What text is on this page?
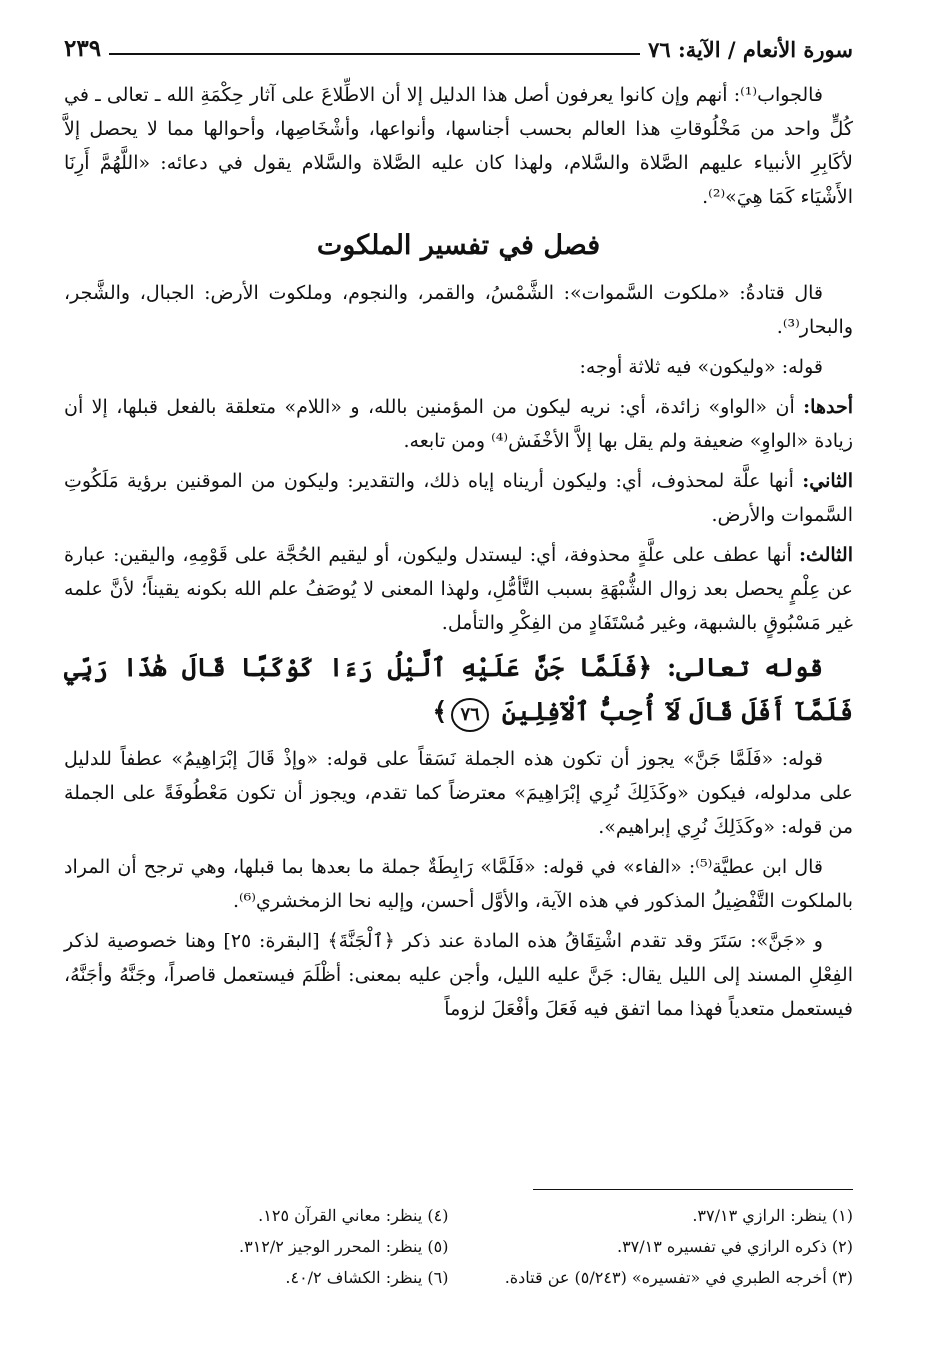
سورة الأنعام / الآية: ٧٦
٢٣٩

فالجواب⁽¹⁾: أنهم وإن كانوا يعرفون أصل هذا الدليل إلا أن الاطِّلاعَ على آثار حِكْمَةِ الله ـ تعالى ـ في كُلٍّ واحد من مَخْلُوقاتِ هذا العالم بحسب أجناسها، وأنواعها، وأشْخَاصِها، وأحوالها مما لا يحصل إلاَّ لأكَابِرِ الأنبياء عليهم الصَّلاة والسَّلام، ولهذا كان عليه الصَّلاة والسَّلام يقول في دعائه: «اللَّهُمَّ أَرِنَا الأَشْيَاء كَمَا هِيَ»⁽²⁾.

فصل في تفسير الملكوت

قال قتادةُ: «ملكوت السَّموات»: الشَّمْسُ، والقمر، والنجوم، وملكوت الأرض: الجبال، والشَّجر، والبحار⁽³⁾.

قوله: «وليكون» فيه ثلاثة أوجه:

أحدها: أن «الواو» زائدة، أي: نريه ليكون من المؤمنين بالله، و «اللام» متعلقة بالفعل قبلها، إلا أن زيادة «الواوِ» ضعيفة ولم يقل بها إلاَّ الأخْفَش⁽⁴⁾ ومن تابعه.

الثاني: أنها علَّة لمحذوف، أي: وليكون أريناه إياه ذلك، والتقدير: وليكون من الموقنين برؤية مَلَكُوتِ السَّموات والأرض.

الثالث: أنها عطف على علَّةٍ محذوفة، أي: ليستدل وليكون، أو ليقيم الحُجَّة على قَوْمِهِ، واليقين: عبارة عن عِلْمٍ يحصل بعد زوال الشُّبْهَةِ بسبب التَّأمُّلِ، ولهذا المعنى لا يُوصَفُ علم الله بكونه يقيناً؛ لأنَّ علمه غير مَسْبُوقٍ بالشبهة، وغير مُسْتَفَادٍ من الفِكْرِ والتأمل.

قوله تعالى: ﴿فَلَمَّا جَنَّ عَلَيْهِ ٱلَّيْلُ رَءَا كَوْكَبًا قَالَ هَٰذَا رَبِّي فَلَمَّآ أَفَلَ قَالَ لَآ أُحِبُّ ٱلْآفِلِينَ ٧٦﴾

قوله: «فَلَمَّا جَنَّ» يجوز أن تكون هذه الجملة نَسَقاً على قوله: «وإذْ قَالَ إبْرَاهِيمُ» عطفاً للدليل على مدلوله، فيكون «وكَذَلِكَ نُرِي إبْرَاهِيمَ» معترضاً كما تقدم، ويجوز أن تكون مَعْطُوفَةً على الجملة من قوله: «وكَذَلِكَ نُرِي إبراهيم».

قال ابن عطيَّة⁽⁵⁾: «الفاء» في قوله: «فَلَمَّا» رَابِطَةٌ جملة ما بعدها بما قبلها، وهي ترجح أن المراد بالملكوت التَّفْضِيلُ المذكور في هذه الآية، والأوَّل أحسن، وإليه نحا الزمخشري⁽⁶⁾.

و «جَنَّ»: سَتَرَ وقد تقدم اشْتِقَاقُ هذه المادة عند ذكر ﴿ٱلْجَنَّةَ﴾ [البقرة: ٢٥] وهنا خصوصية لذكر الفِعْلِ المسند إلى الليل يقال: جَنَّ عليه الليل، وأجن عليه بمعنى: أظْلَمَ فيستعمل قاصراً، وجَنَّهُ وأجَنَّهُ، فيستعمل متعدياً فهذا مما اتفق فيه فَعَلَ وأفْعَلَ لزوماً

(١) ينظر: الرازي ٣٧/١٣.
(٤) ينظر: معاني القرآن ١٢٥.
(٢) ذكره الرازي في تفسيره ٣٧/١٣.
(٥) ينظر: المحرر الوجيز ٣١٢/٢.
(٣) أخرجه الطبري في «تفسيره» (٥/٢٤٣) عن قتادة.
(٦) ينظر: الكشاف ٤٠/٢.
